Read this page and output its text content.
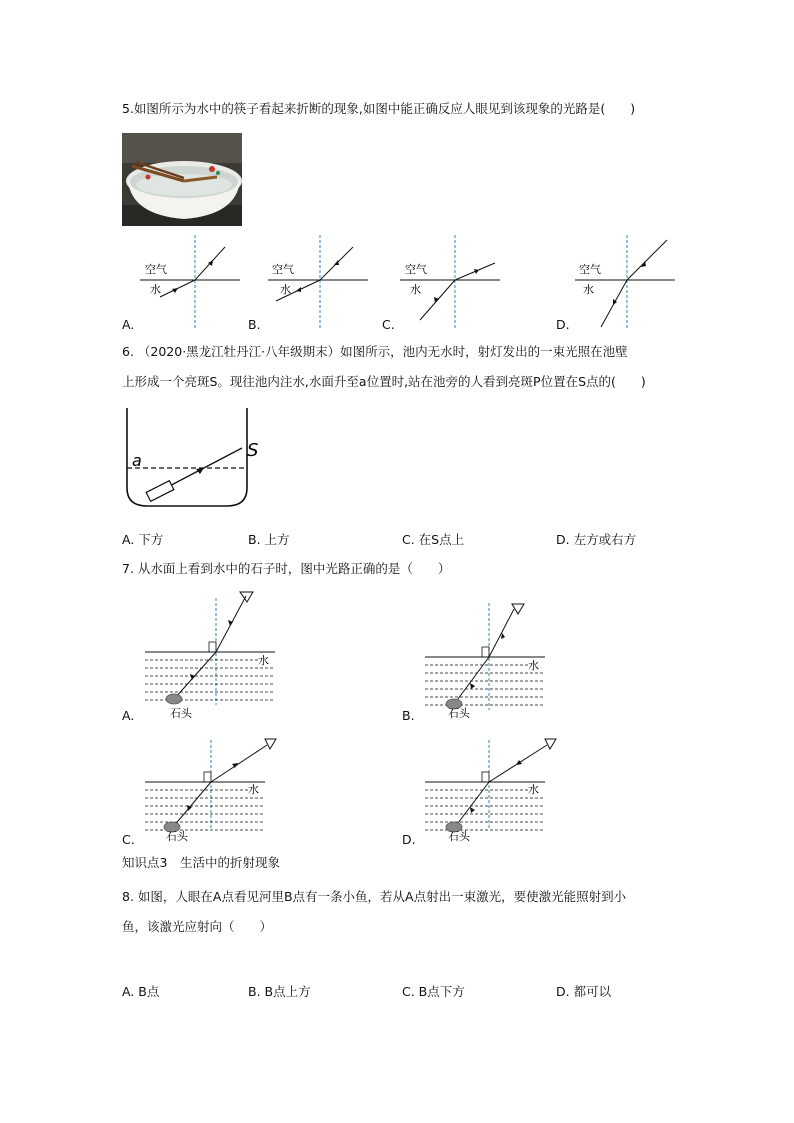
5.如图所示为水中的筷子看起来折断的现象,如图中能正确反应人眼见到该现象的光路是(　　)
空气
水
A.
空气
水
B.
空气
水
C.
空气
水
D.
6. （2020·黑龙江牡丹江·八年级期末）如图所示，池内无水时，射灯发出的一束光照在池壁
上形成一个亮斑S。现往池内注水,水面升至a位置时,站在池旁的人看到亮斑P位置在S点的(　　)
a	S
A. 下方	B. 上方	C. 在S点上	D. 左方或右方
7. 从水面上看到水中的石子时，图中光路正确的是（　　）
水
石头
A.
水
石头
B.
水
石头
C.
水
石头
D.
知识点3　生活中的折射现象
8. 如图，人眼在A点看见河里B点有一条小鱼，若从A点射出一束激光，要使激光能照射到小
鱼，该激光应射向（　　）
A. B点	B. B点上方	C. B点下方	D. 都可以
